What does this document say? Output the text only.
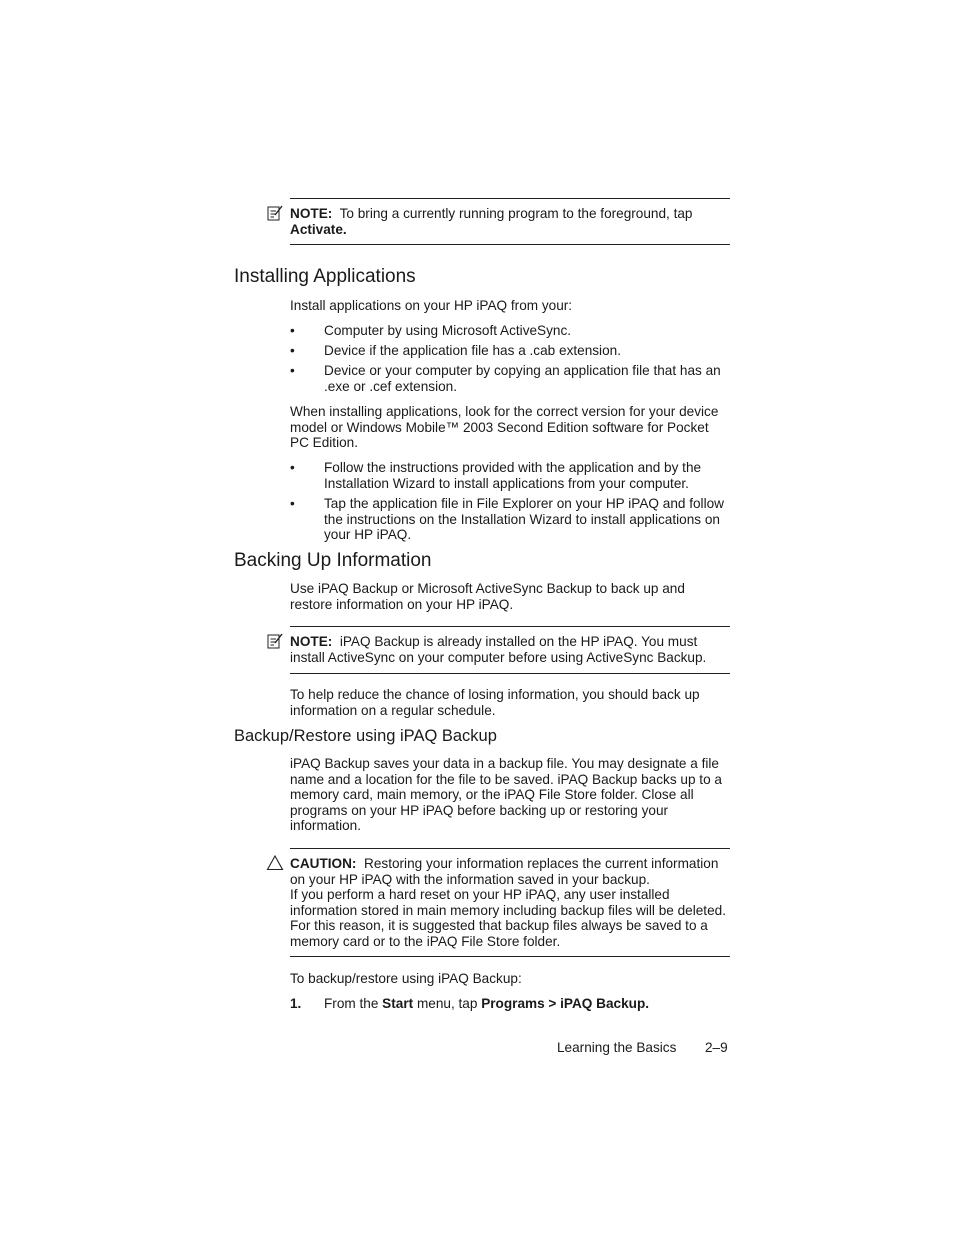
NOTE: To bring a currently running program to the foreground, tap Activate.
Installing Applications
Install applications on your HP iPAQ from your:
• Computer by using Microsoft ActiveSync.
• Device if the application file has a .cab extension.
• Device or your computer by copying an application file that has an .exe or .cef extension.
When installing applications, look for the correct version for your device model or Windows Mobile™ 2003 Second Edition software for Pocket PC Edition.
• Follow the instructions provided with the application and by the Installation Wizard to install applications from your computer.
• Tap the application file in File Explorer on your HP iPAQ and follow the instructions on the Installation Wizard to install applications on your HP iPAQ.
Backing Up Information
Use iPAQ Backup or Microsoft ActiveSync Backup to back up and restore information on your HP iPAQ.
NOTE: iPAQ Backup is already installed on the HP iPAQ. You must install ActiveSync on your computer before using ActiveSync Backup.
To help reduce the chance of losing information, you should back up information on a regular schedule.
Backup/Restore using iPAQ Backup
iPAQ Backup saves your data in a backup file. You may designate a file name and a location for the file to be saved. iPAQ Backup backs up to a memory card, main memory, or the iPAQ File Store folder. Close all programs on your HP iPAQ before backing up or restoring your information.
CAUTION: Restoring your information replaces the current information on your HP iPAQ with the information saved in your backup.
If you perform a hard reset on your HP iPAQ, any user installed information stored in main memory including backup files will be deleted. For this reason, it is suggested that backup files always be saved to a memory card or to the iPAQ File Store folder.
To backup/restore using iPAQ Backup:
1. From the Start menu, tap Programs > iPAQ Backup.
Learning the Basics 2–9
